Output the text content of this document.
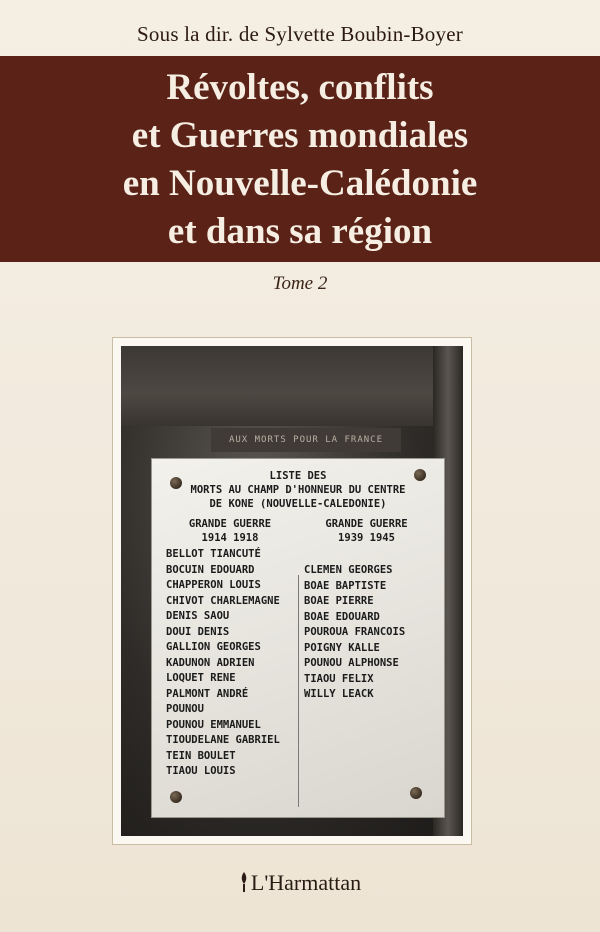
Sous la dir. de Sylvette Boubin-Boyer
Révoltes, conflits
et Guerres mondiales
en Nouvelle-Calédonie
et dans sa région
Tome 2
AUX MORTS POUR LA FRANCE
LISTE DES
MORTS AU CHAMP D'HONNEUR DU CENTRE
DE KONE (NOUVELLE-CALEDONIE)
GRANDE GUERRE
1914 1918
GRANDE GUERRE
1939 1945
BELLOT TIANCUTÉ
BOCUIN EDOUARD
CHAPPERON LOUIS
CHIVOT CHARLEMAGNE
DENIS SAOU
DOUI DENIS
GALLION GEORGES
KADUNON ADRIEN
LOQUET RENE
PALMONT ANDRÉ
POUNOU
POUNOU EMMANUEL
TIOUDELANE GABRIEL
TEIN BOULET
TIAOU LOUIS
CLEMEN GEORGES
BOAE BAPTISTE
BOAE PIERRE
BOAE EDOUARD
POUROUA FRANCOIS
POIGNY KALLE
POUNOU ALPHONSE
TIAOU FELIX
WILLY LEACK
L'Harmattan
